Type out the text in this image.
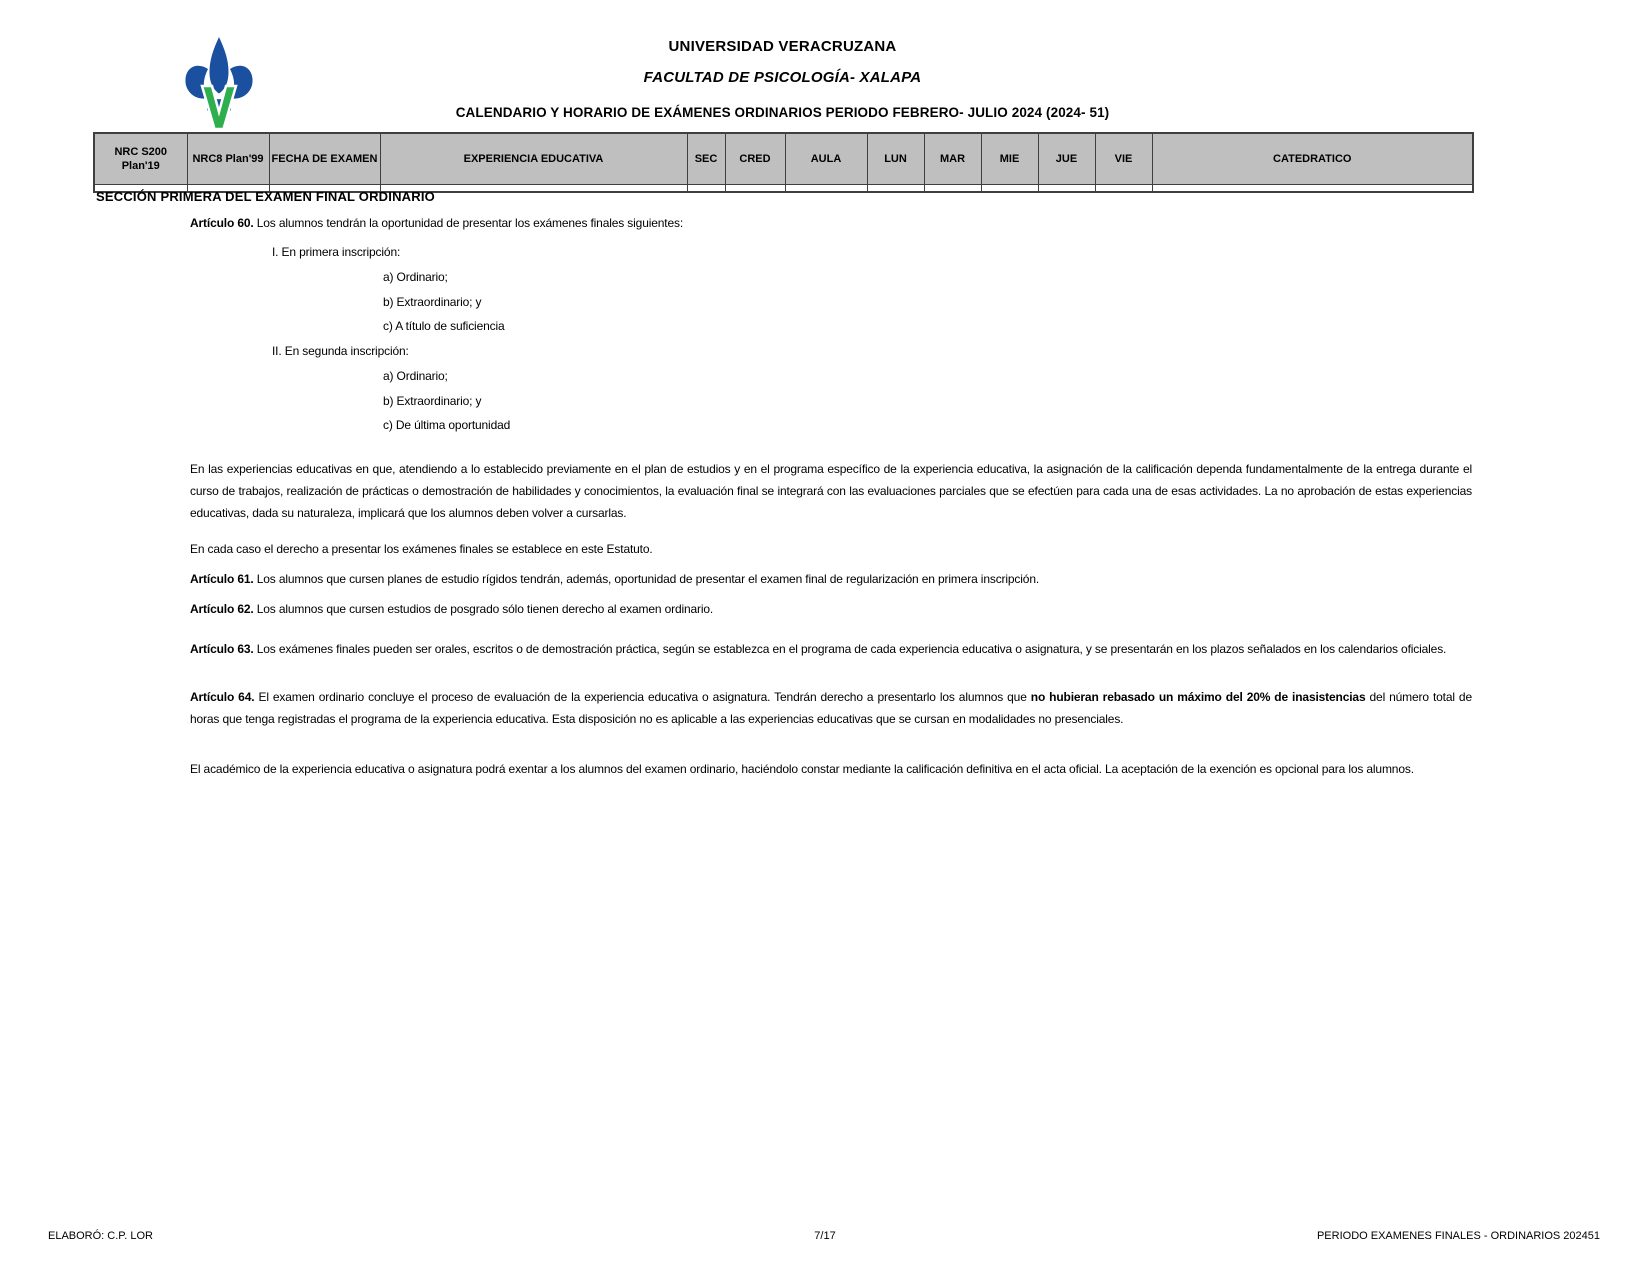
UNIVERSIDAD VERACRUZANA
FACULTAD DE PSICOLOGÍA- XALAPA
CALENDARIO Y HORARIO DE EXÁMENES ORDINARIOS PERIODO FEBRERO- JULIO 2024 (2024- 51)
NRC S200
Plan'19	NRC8 Plan'99	FECHA DE EXAMEN	EXPERIENCIA EDUCATIVA	SEC	CRED	AULA	LUN	MAR	MIE	JUE	VIE	CATEDRATICO

SECCIÓN PRIMERA DEL EXAMEN FINAL ORDINARIO
Artículo 60. Los alumnos tendrán la oportunidad de presentar los exámenes finales siguientes:
I. En primera inscripción:
a) Ordinario;
b) Extraordinario; y
c) A título de suficiencia
II. En segunda inscripción:
a) Ordinario;
b) Extraordinario; y
c) De última oportunidad
En las experiencias educativas en que, atendiendo a lo establecido previamente en el plan de estudios y en el programa específico de la experiencia educativa, la asignación de la calificación dependa fundamentalmente de la entrega durante el curso de trabajos, realización de prácticas o demostración de habilidades y conocimientos, la evaluación final se integrará con las evaluaciones parciales que se efectúen para cada una de esas actividades. La no aprobación de estas experiencias educativas, dada su naturaleza, implicará que los alumnos deben volver a cursarlas.
En cada caso el derecho a presentar los exámenes finales se establece en este Estatuto.
Artículo 61. Los alumnos que cursen planes de estudio rígidos tendrán, además, oportunidad de presentar el examen final de regularización en primera inscripción.
Artículo 62. Los alumnos que cursen estudios de posgrado sólo tienen derecho al examen ordinario.
Artículo 63. Los exámenes finales pueden ser orales, escritos o de demostración práctica, según se establezca en el programa de cada experiencia educativa o asignatura, y se presentarán en los plazos señalados en los calendarios oficiales.
Artículo 64. El examen ordinario concluye el proceso de evaluación de la experiencia educativa o asignatura. Tendrán derecho a presentarlo los alumnos que no hubieran rebasado un máximo del 20% de inasistencias del número total de horas que tenga registradas el programa de la experiencia educativa. Esta disposición no es aplicable a las experiencias educativas que se cursan en modalidades no presenciales.
El académico de la experiencia educativa o asignatura podrá exentar a los alumnos del examen ordinario, haciéndolo constar mediante la calificación definitiva en el acta oficial. La aceptación de la exención es opcional para los alumnos.
ELABORÓ: C.P. LOR	7/17	PERIODO EXAMENES FINALES - ORDINARIOS 202451
